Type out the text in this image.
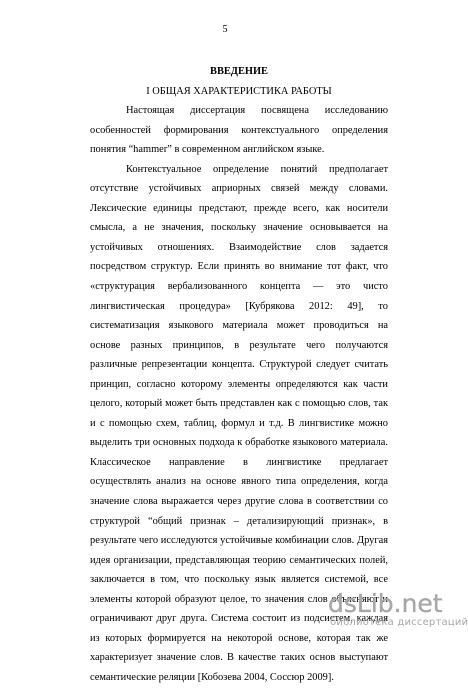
5

ВВЕДЕНИЕ

I ОБЩАЯ ХАРАКТЕРИСТИКА РАБОТЫ

Настоящая диссертация посвящена исследованию особенностей формирования контекстуального определения понятия “hammer” в современном английском языке.

Контекстуальное определение понятий предполагает отсутствие устойчивых априорных связей между словами. Лексические единицы предстают, прежде всего, как носители смысла, а не значения, поскольку значение основывается на устойчивых отношениях. Взаимодействие слов задается посредством структур. Если принять во внимание тот факт, что «структурация вербализованного концепта — это чисто лингвистическая процедура» [Кубрякова 2012: 49], то систематизация языкового материала может проводиться на основе разных принципов, в результате чего получаются различные репрезентации концепта. Структурой следует считать принцип, согласно которому элементы определяются как части целого, который может быть представлен как с помощью слов, так и с помощью схем, таблиц, формул и т.д. В лингвистике можно выделить три основных подхода к обработке языкового материала. Классическое направление в лингвистике предлагает осуществлять анализ на основе явного типа определения, когда значение слова выражается через другие слова в соответствии со структурой “общий признак – детализирующий признак», в результате чего исследуются устойчивые комбинации слов. Другая идея организации, представляющая теорию семантических полей, заключается в том, что поскольку язык является системой, все элементы которой образуют целое, то значения слов объясняют и ограничивают друг друга. Система состоит из подсистем, каждая из которых формируется на некоторой основе, которая так же характеризует значение слов. В качестве таких основ выступают семантические реляции [Кобозева 2004, Соссюр 2009].

dsLib.net
библиотека диссертаций
